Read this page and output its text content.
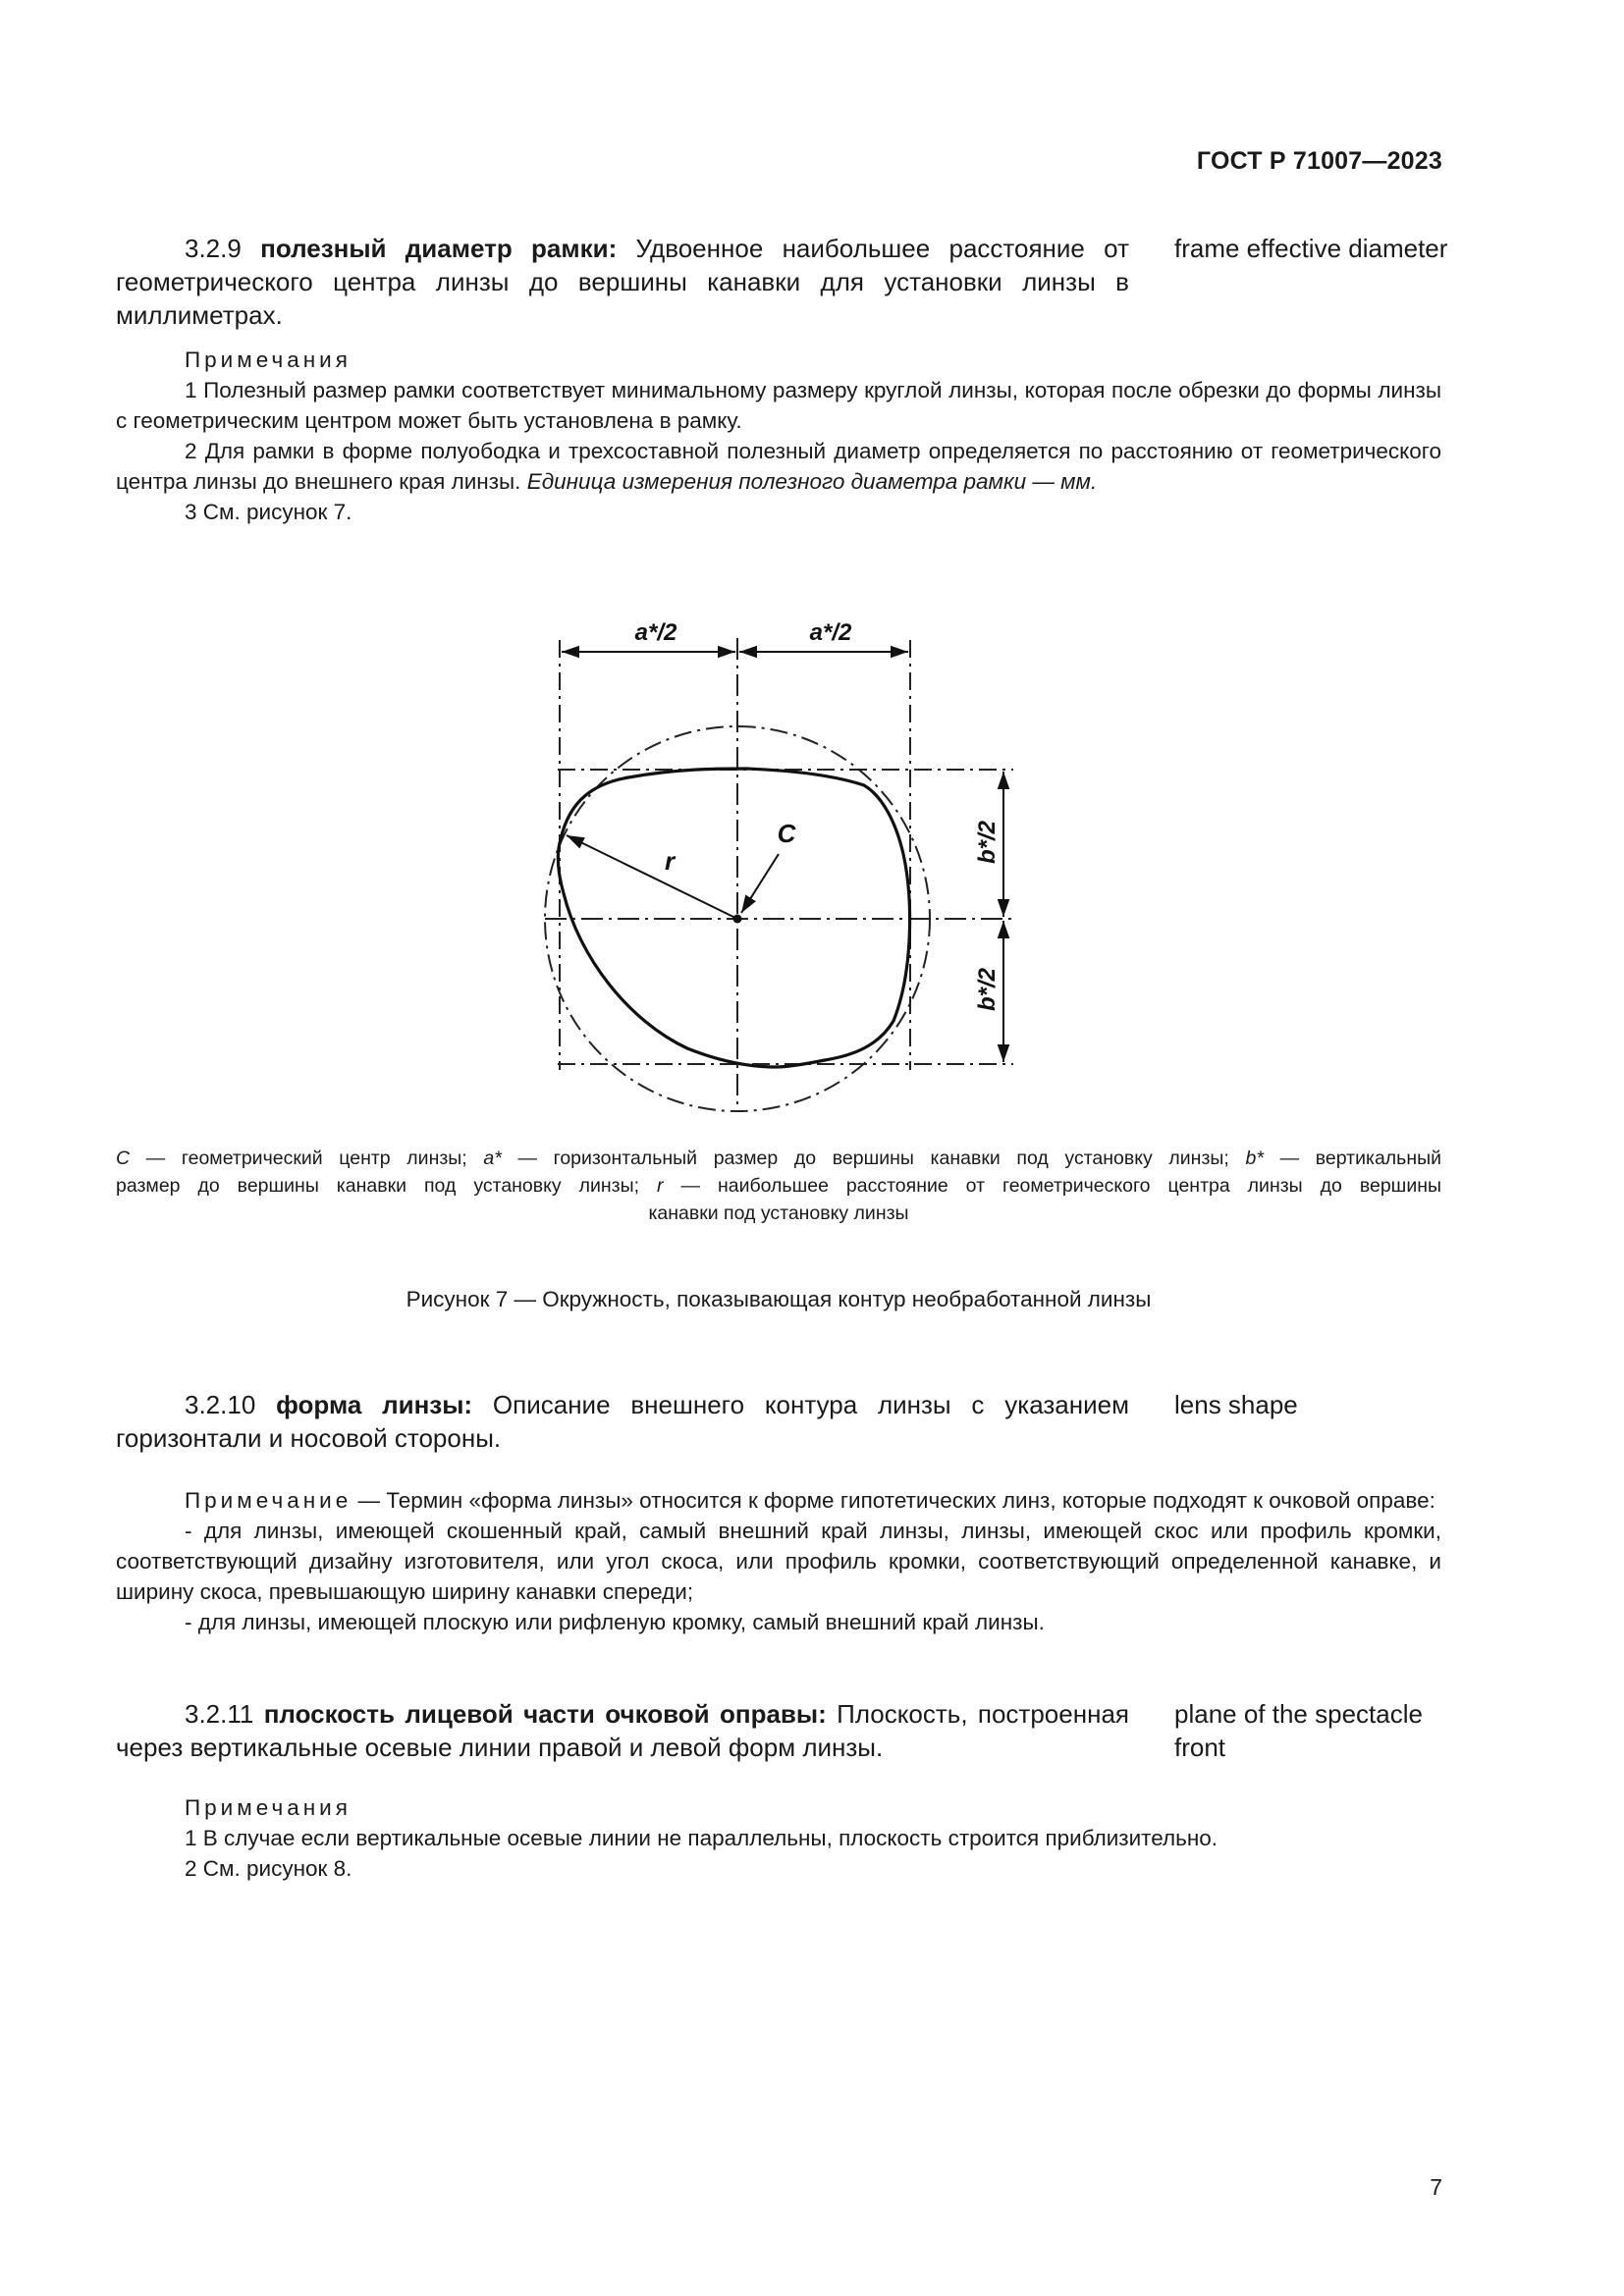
ГОСТ Р 71007—2023
3.2.9 полезный диаметр рамки: Удвоенное наибольшее расстояние от геометрического центра линзы до вершины канавки для установки линзы в миллиметрах.
frame effective diameter

Примечания

1 Полезный размер рамки соответствует минимальному размеру круглой линзы, которая после обрезки до формы линзы с геометрическим центром может быть установлена в рамку.

2 Для рамки в форме полуободка и трехсоставной полезный диаметр определяется по расстоянию от геометрического центра линзы до внешнего края линзы. Единица измерения полезного диаметра рамки — мм.

3 См. рисунок 7.

a*/2	a*/2
b*/2
b*/2
C
r
C — геометрический центр линзы; a* — горизонтальный размер до вершины канавки под установку линзы; b* — вертикальный
размер до вершины канавки под установку линзы; r — наибольшее расстояние от геометрического центра линзы до вершины
канавки под установку линзы
Рисунок 7 — Окружность, показывающая контур необработанной линзы
3.2.10 форма линзы: Описание внешнего контура линзы с указанием горизонтали и носовой стороны.
lens shape

Примечание — Термин «форма линзы» относится к форме гипотетических линз, которые подходят к очковой оправе:

- для линзы, имеющей скошенный край, самый внешний край линзы, линзы, имеющей скос или профиль кромки, соответствующий дизайну изготовителя, или угол скоса, или профиль кромки, соответствующий определенной канавке, и ширину скоса, превышающую ширину канавки спереди;

- для линзы, имеющей плоскую или рифленую кромку, самый внешний край линзы.

3.2.11 плоскость лицевой части очковой оправы: Плоскость, построенная через вертикальные осевые линии правой и левой форм линзы.
plane of the spectacle front

Примечания

1 В случае если вертикальные осевые линии не параллельны, плоскость строится приблизительно.

2 См. рисунок 8.

7
